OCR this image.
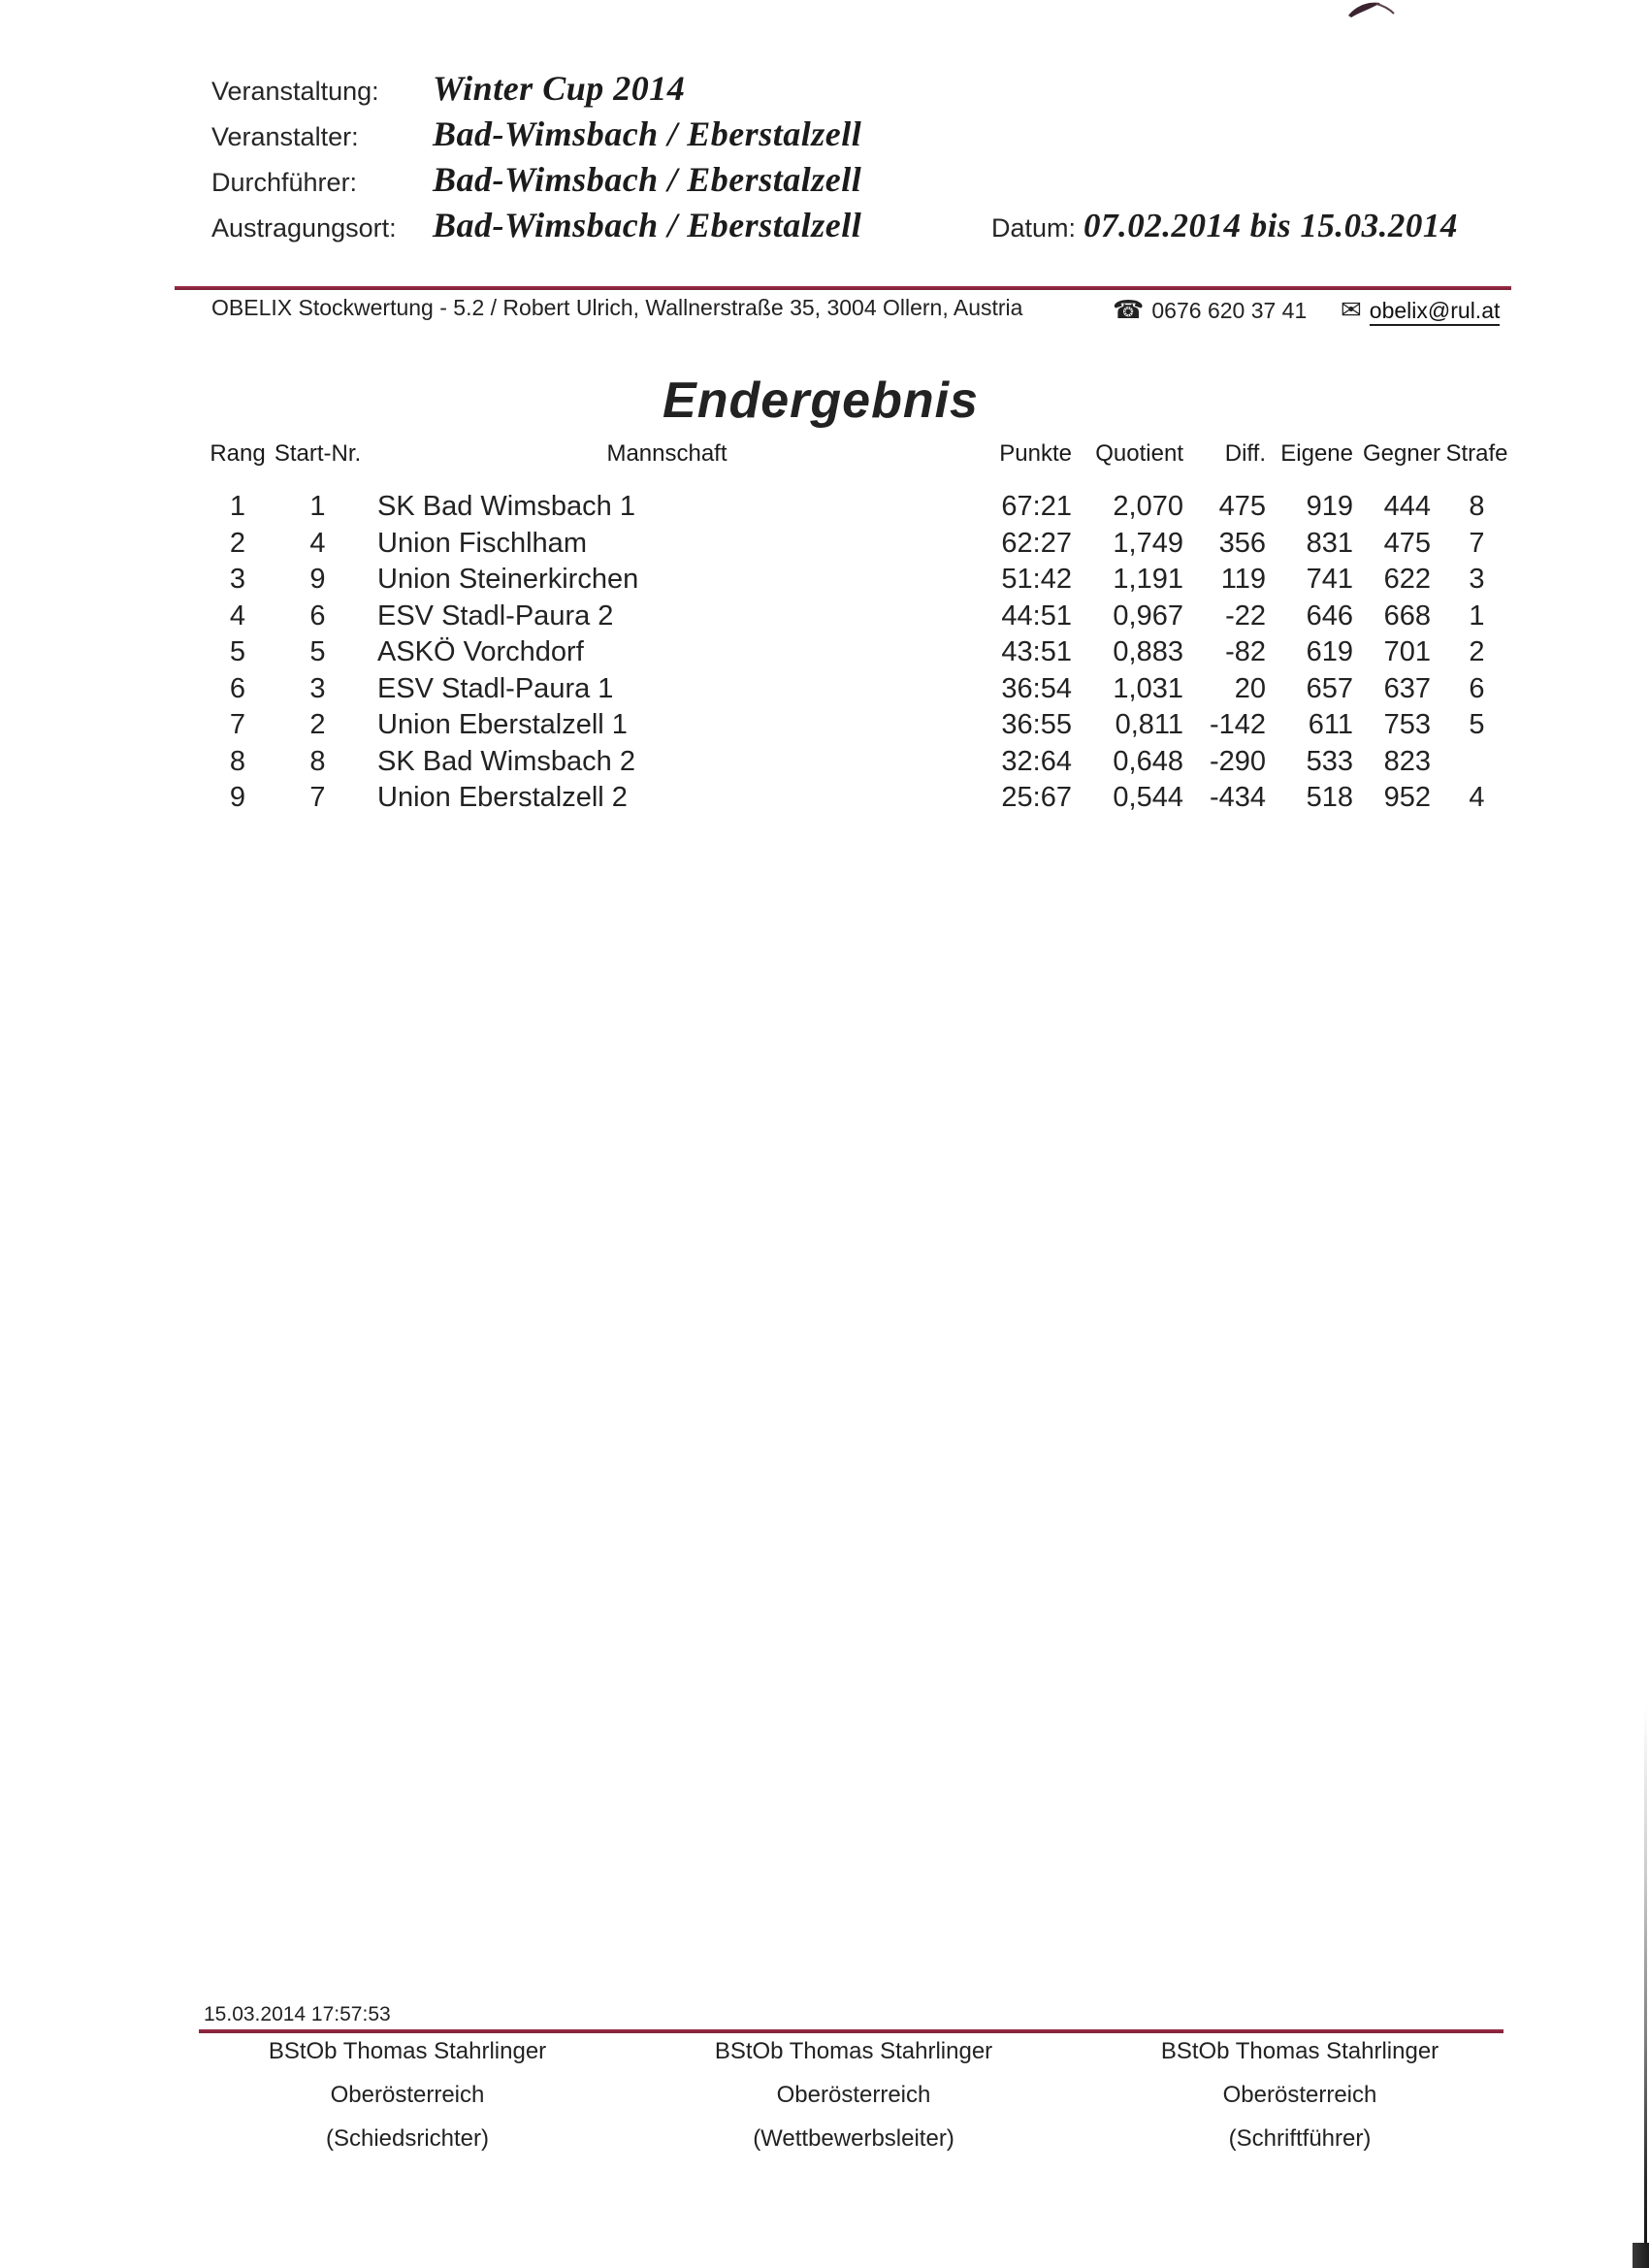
Veranstaltung:	Winter Cup 2014
Veranstalter:	Bad-Wimsbach / Eberstalzell
Durchführer:	Bad-Wimsbach / Eberstalzell
Austragungsort:	Bad-Wimsbach / Eberstalzell	Datum: 07.02.2014 bis 15.03.2014
OBELIX Stockwertung - 5.2 / Robert Ulrich, Wallnerstraße 35, 3004 Ollern, Austria	☎ 0676 620 37 41 ✉ obelix@rul.at
Endergebnis
Rang Start-Nr.	Mannschaft	Punkte	Quotient	Diff. Eigene Gegner Strafe
1	1	SK Bad Wimsbach 1	67:21	2,070	475	919	444	8
2	4	Union Fischlham	62:27	1,749	356	831	475	7
3	9	Union Steinerkirchen	51:42	1,191	119	741	622	3
4	6	ESV Stadl-Paura 2	44:51	0,967	-22	646	668	1
5	5	ASKÖ Vorchdorf	43:51	0,883	-82	619	701	2
6	3	ESV Stadl-Paura 1	36:54	1,031	20	657	637	6
7	2	Union Eberstalzell 1	36:55	0,811 -142	611	753	5
8	8	SK Bad Wimsbach 2	32:64	0,648 -290	533	823
9	7	Union Eberstalzell 2	25:67	0,544 -434	518	952	4
15.03.2014 17:57:53
BStOb Thomas Stahrlinger
Oberösterreich
(Schiedsrichter)
BStOb Thomas Stahrlinger
Oberösterreich
(Wettbewerbsleiter)
BStOb Thomas Stahrlinger
Oberösterreich
(Schriftführer)
